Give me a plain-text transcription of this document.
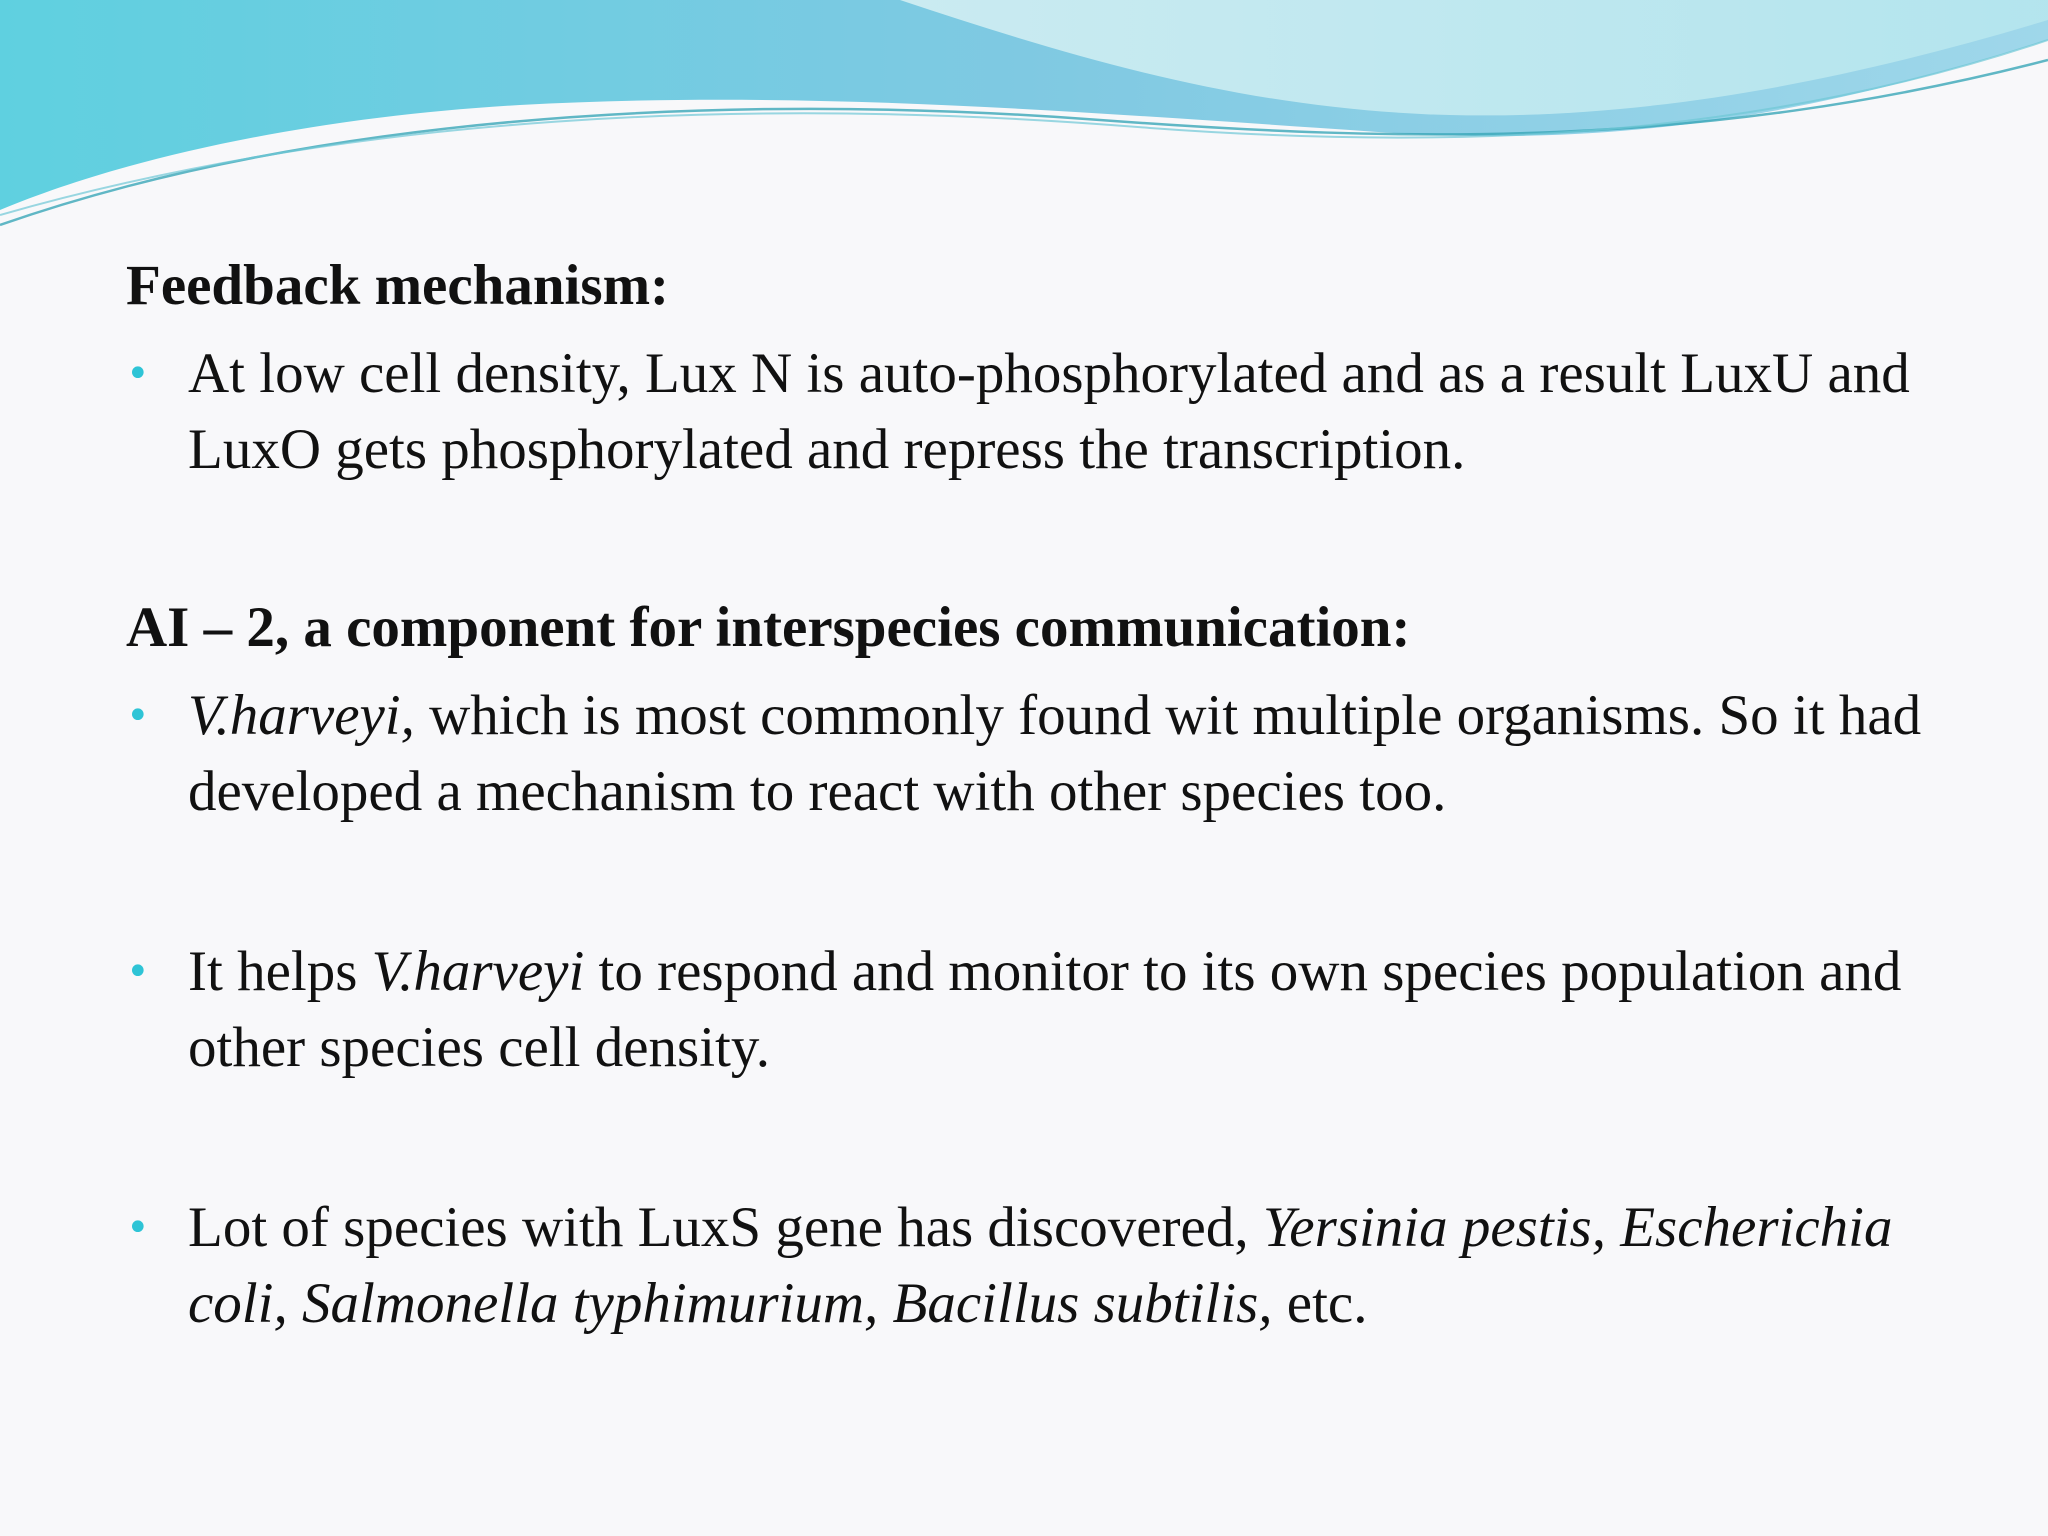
Feedback mechanism:

• At low cell density, Lux N is auto-phosphorylated and as a result LuxU and LuxO gets phosphorylated and repress the transcription.

AI – 2, a component for interspecies communication:

• V.harveyi, which is most commonly found wit multiple organisms. So it had developed a mechanism to react with other species too.
• It helps V.harveyi to respond and monitor to its own species population and other species cell density.
• Lot of species with LuxS gene has discovered, Yersinia pestis, Escherichia coli, Salmonella typhimurium, Bacillus subtilis, etc.
